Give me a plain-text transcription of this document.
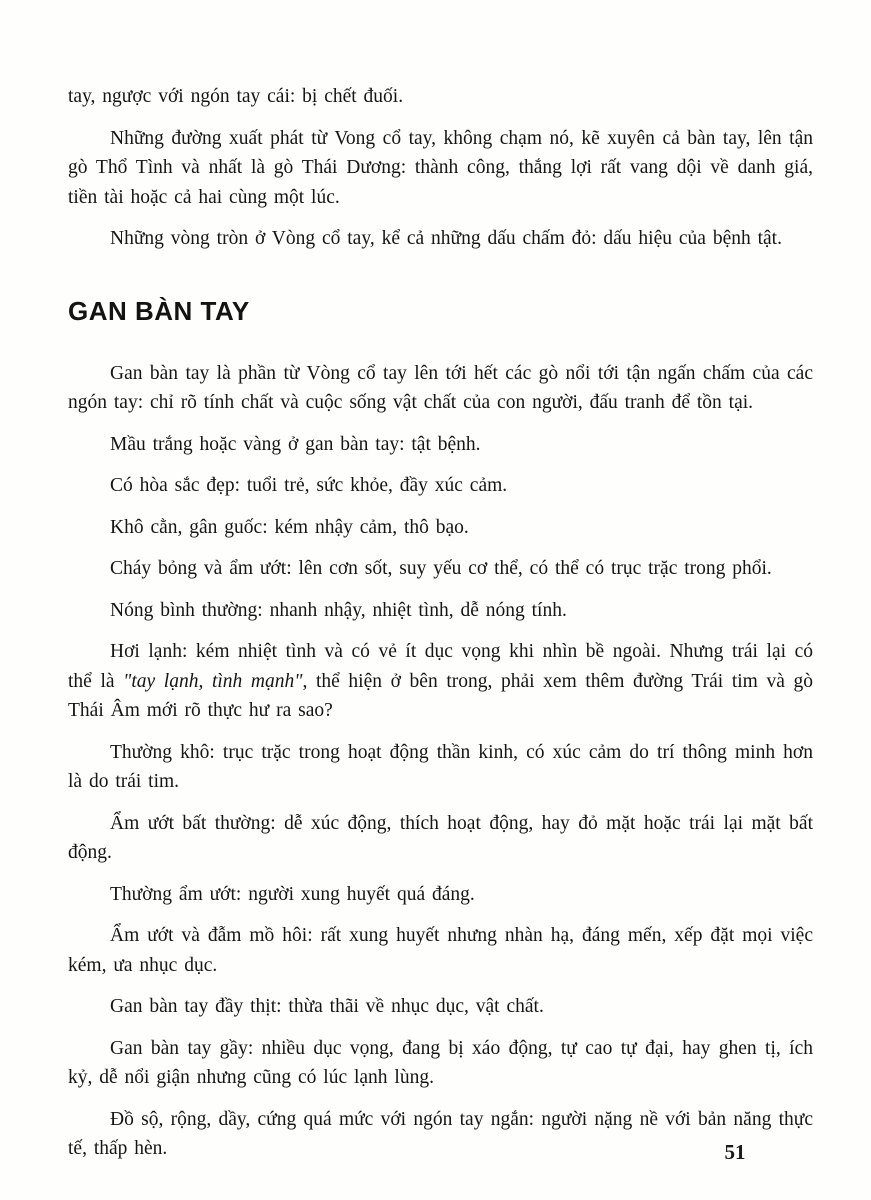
tay, ngược với ngón tay cái: bị chết đuối.

Những đường xuất phát từ Vong cổ tay, không chạm nó, kẽ xuyên cả bàn tay, lên tận gò Thổ Tình và nhất là gò Thái Dương: thành công, thắng lợi rất vang dội về danh giá, tiền tài hoặc cả hai cùng một lúc.

Những vòng tròn ở Vòng cổ tay, kể cả những dấu chấm đỏ: dấu hiệu của bệnh tật.

GAN BÀN TAY

Gan bàn tay là phần từ Vòng cổ tay lên tới hết các gò nổi tới tận ngấn chấm của các ngón tay: chỉ rõ tính chất và cuộc sống vật chất của con người, đấu tranh để tồn tại.

Mầu trắng hoặc vàng ở gan bàn tay: tật bệnh.

Có hòa sắc đẹp: tuổi trẻ, sức khỏe, đầy xúc cảm.

Khô cằn, gân guốc: kém nhậy cảm, thô bạo.

Cháy bỏng và ẩm ướt: lên cơn sốt, suy yếu cơ thể, có thể có trục trặc trong phổi.

Nóng bình thường: nhanh nhậy, nhiệt tình, dễ nóng tính.

Hơi lạnh: kém nhiệt tình và có vẻ ít dục vọng khi nhìn bề ngoài. Nhưng trái lại có thể là "tay lạnh, tình mạnh", thể hiện ở bên trong, phải xem thêm đường Trái tim và gò Thái Âm mới rõ thực hư ra sao?

Thường khô: trục trặc trong hoạt động thần kinh, có xúc cảm do trí thông minh hơn là do trái tim.

Ẩm ướt bất thường: dễ xúc động, thích hoạt động, hay đỏ mặt hoặc trái lại mặt bất động.

Thường ẩm ướt: người xung huyết quá đáng.

Ẩm ướt và đẫm mồ hôi: rất xung huyết nhưng nhàn hạ, đáng mến, xếp đặt mọi việc kém, ưa nhục dục.

Gan bàn tay đầy thịt: thừa thãi về nhục dục, vật chất.

Gan bàn tay gầy: nhiều dục vọng, đang bị xáo động, tự cao tự đại, hay ghen tị, ích kỷ, dễ nổi giận nhưng cũng có lúc lạnh lùng.

Đồ sộ, rộng, dầy, cứng quá mức với ngón tay ngắn: người nặng nề với bản năng thực tế, thấp hèn.	51
